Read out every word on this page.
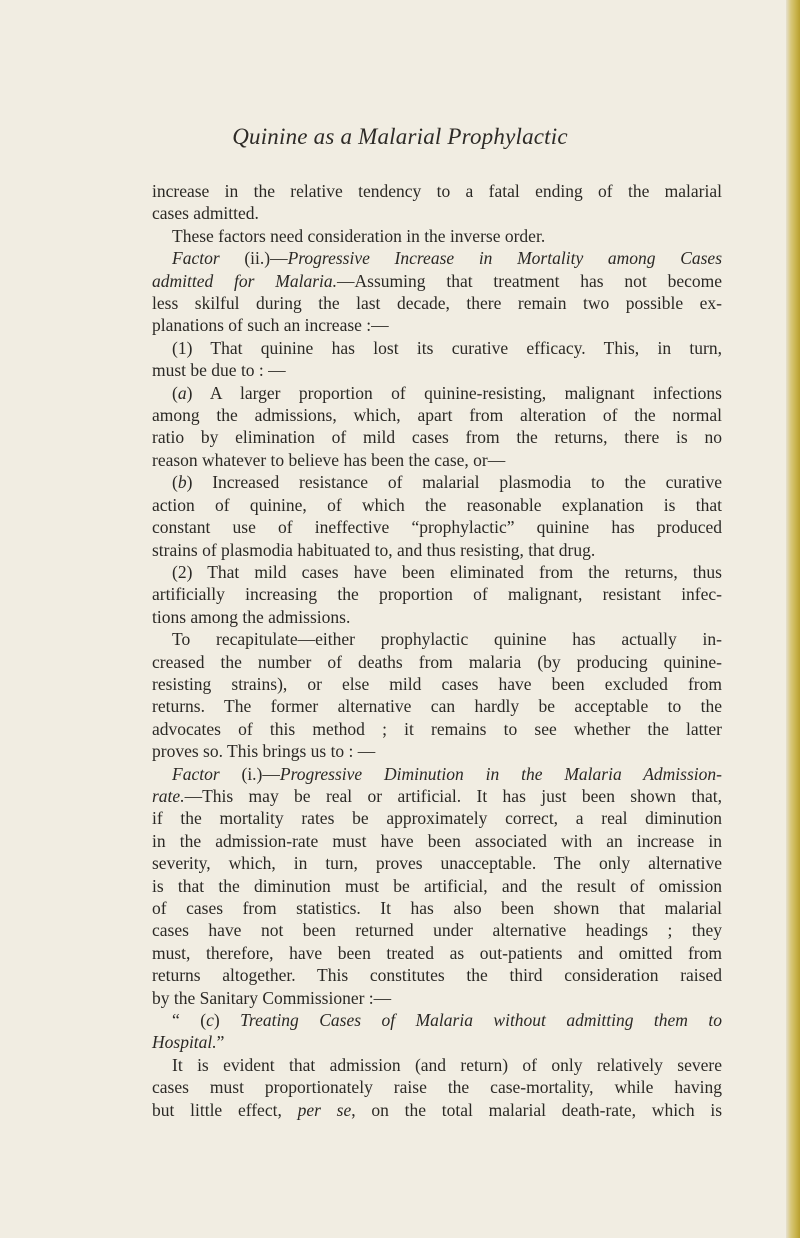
Quinine as a Malarial Prophylactic
increase in the relative tendency to a fatal ending of the malarial
cases admitted.
These factors need consideration in the inverse order.
Factor (ii.)—Progressive Increase in Mortality among Cases
admitted for Malaria.—Assuming that treatment has not become
less skilful during the last decade, there remain two possible ex-
planations of such an increase :—
(1) That quinine has lost its curative efficacy. This, in turn,
must be due to : —
(a) A larger proportion of quinine-resisting, malignant infections
among the admissions, which, apart from alteration of the normal
ratio by elimination of mild cases from the returns, there is no
reason whatever to believe has been the case, or—
(b) Increased resistance of malarial plasmodia to the curative
action of quinine, of which the reasonable explanation is that
constant use of ineffective “prophylactic” quinine has produced
strains of plasmodia habituated to, and thus resisting, that drug.
(2) That mild cases have been eliminated from the returns, thus
artificially increasing the proportion of malignant, resistant infec-
tions among the admissions.
To recapitulate—either prophylactic quinine has actually in-
creased the number of deaths from malaria (by producing quinine-
resisting strains), or else mild cases have been excluded from
returns. The former alternative can hardly be acceptable to the
advocates of this method ; it remains to see whether the latter
proves so. This brings us to : —
Factor (i.)—Progressive Diminution in the Malaria Admission-
rate.—This may be real or artificial. It has just been shown that,
if the mortality rates be approximately correct, a real diminution
in the admission-rate must have been associated with an increase in
severity, which, in turn, proves unacceptable. The only alternative
is that the diminution must be artificial, and the result of omission
of cases from statistics. It has also been shown that malarial
cases have not been returned under alternative headings ; they
must, therefore, have been treated as out-patients and omitted from
returns altogether. This constitutes the third consideration raised
by the Sanitary Commissioner :—
“ (c) Treating Cases of Malaria without admitting them to
Hospital.”
It is evident that admission (and return) of only relatively severe
cases must proportionately raise the case-mortality, while having
but little effect, per se, on the total malarial death-rate, which is
